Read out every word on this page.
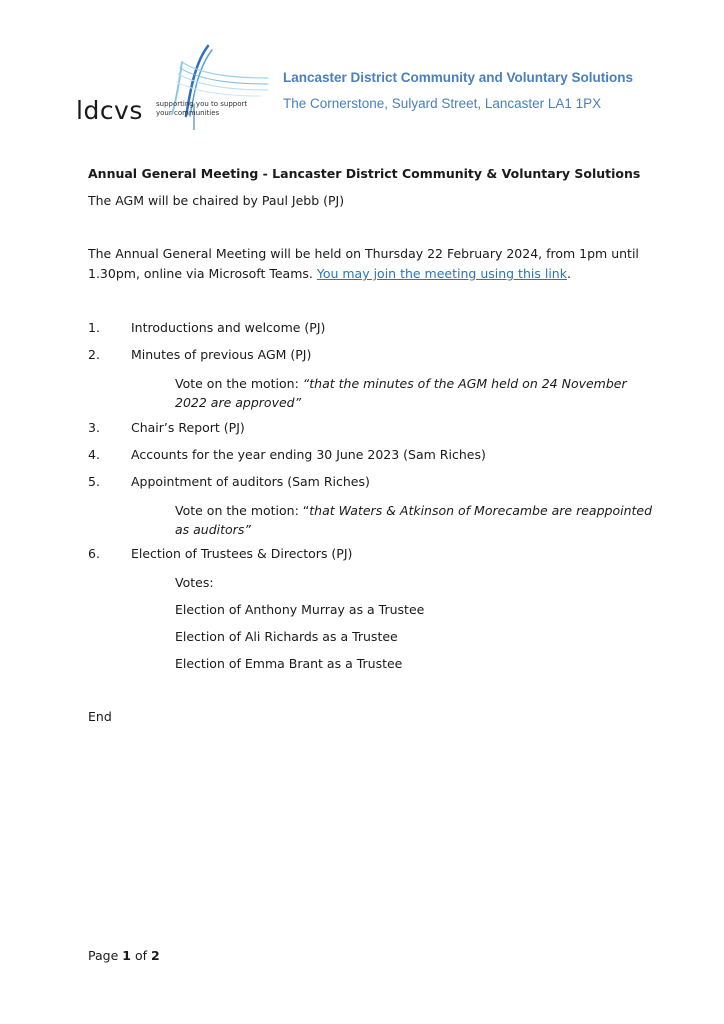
ldcvs supporting you to support
your communities
Lancaster District Community and Voluntary Solutions
The Cornerstone, Sulyard Street, Lancaster LA1 1PX
Annual General Meeting - Lancaster District Community & Voluntary Solutions
The AGM will be chaired by Paul Jebb (PJ)
The Annual General Meeting will be held on Thursday 22 February 2024, from 1pm until
1.30pm, online via Microsoft Teams. You may join the meeting using this link.
1. Introductions and welcome (PJ)
2. Minutes of previous AGM (PJ)
Vote on the motion: “that the minutes of the AGM held on 24 November
2022 are approved”
3. Chair’s Report (PJ)
4. Accounts for the year ending 30 June 2023 (Sam Riches)
5. Appointment of auditors (Sam Riches)
Vote on the motion: “that Waters & Atkinson of Morecambe are reappointed
as auditors”
6. Election of Trustees & Directors (PJ)
Votes:
Election of Anthony Murray as a Trustee
Election of Ali Richards as a Trustee
Election of Emma Brant as a Trustee
End
Page 1 of 2
